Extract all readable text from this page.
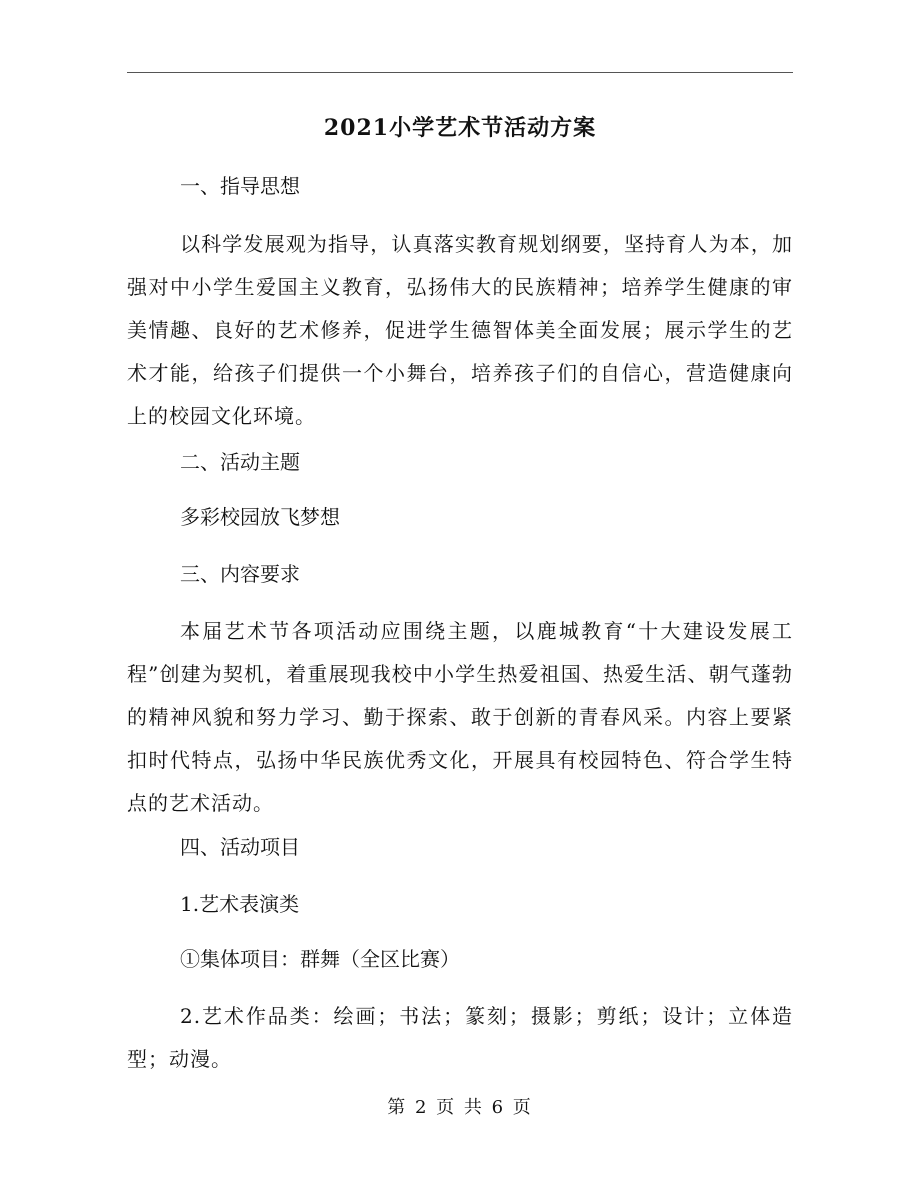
2021小学艺术节活动方案
一、指导思想

以科学发展观为指导，认真落实教育规划纲要，坚持育人为本，加强对中小学生爱国主义教育，弘扬伟大的民族精神；培养学生健康的审美情趣、良好的艺术修养，促进学生德智体美全面发展；展示学生的艺术才能，给孩子们提供一个小舞台，培养孩子们的自信心，营造健康向上的校园文化环境。

二、活动主题
多彩校园放飞梦想
三、内容要求

本届艺术节各项活动应围绕主题，以鹿城教育“十大建设发展工程”创建为契机，着重展现我校中小学生热爱祖国、热爱生活、朝气蓬勃的精神风貌和努力学习、勤于探索、敢于创新的青春风采。内容上要紧扣时代特点，弘扬中华民族优秀文化，开展具有校园特色、符合学生特点的艺术活动。

四、活动项目
1.艺术表演类
①集体项目：群舞（全区比赛）

2.艺术作品类：绘画；书法；篆刻；摄影；剪纸；设计；立体造型；动漫。

第 2 页 共 6 页
